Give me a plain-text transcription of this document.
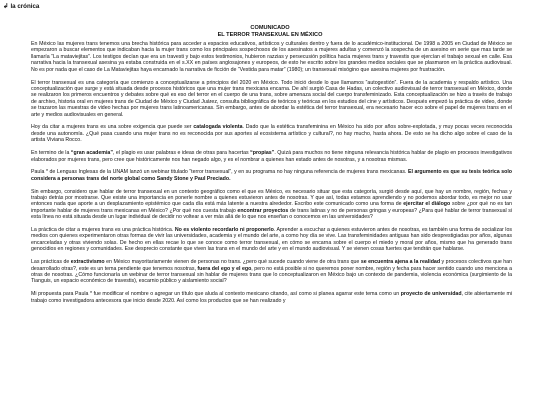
↲ la crónica
COMUNICADO
EL TERROR TRANSEXUAL EN MÉXICO

En México las mujeres trans tenemos una brecha histórica para acceder a espacios educativos, artísticos y culturales dentro y fuera de lo académico-institucional. De 1998 a 2005 en Ciudad de México se empezaron a buscar elementos que indicaban hacia la mujer trans como los principales sospechosos de los asesinatos a mujeres adultas y comenzó la sospecha de un asesino en serie que mas tarde se llamaría “La mataviejitas”. Los testigos decían que era un travesti y bajo estos testimonios, hubieron razzias y persecusión política hacia mujeres trans y travestis que ejercían el trabajo sexual en calle. Esa narrativa hacia la transexual asesina ya estaba construida en el s.XX en países anglosajones y europeos, de esto he escrito sobre los grandes medios sociales que se plasmaron en la práctica audiovisual. No es por nada que el caso de La Mataviejitas haya encarnado la narrativa de ficción de “Vestida para matar” (1980); un transexual misógino que asesina mujeres por frustración.

El terror transexual es una categoría que comienzo a conceptualizarse a principios del 2020 en México. Todo inició desde lo que llamamos “autogestión”. Fuera de la academia y respaldo artístico. Una conceptualización que surge y está situada desde procesos históricos que una mujer trans mexicana encarna. De ahí surgió Casa de Hadas, un colectivo audiovisual de terror transexual en México, donde se realizaron los primeros encuentros y debates sobre qué es eso del terror en el cuerpo de una trans, sobre amenaza social del cuerpo transfeminizado. Esta conceptualización se hizo a través de trabajo de archivo, historia oral en mujeres trans de Ciudad de México y Ciudad Juárez, consulta bibliográfica de teóricos y teóricas en los estudios del cine y artísticos. Después empezó la práctica de video, donde se trazaron las muestras de video hechas por mujeres trans latinoamericanas. Sin embargo, antes de abordar la estética del terror transexual, era necesario hacer eco sobre el papel de mujeres trans en el arte y medios audiovisuales en general.

Hoy da citar a mujeres trans es una sobre exigencia que puede ser catalogada violenta. Dado que la estética transfeminina en México ha sido por años sobre-explotada, y muy pocas veces reconocida desde una autonomía. ¿Qué pasa cuando una mujer trans no es reconocida por sus aportes al ecosistema artístico y cultural?, no hay mucho, hasta ahora. De esto se ha dicho algo sobre el caso de la artista Viviana Rocco.

En termino de la “gran academia”, el plagio es usar palabras e ideas de otras para hacertas “propias”. Quizá para muchos no tiene ninguna relevancia histórica hablar de plagio en procesos investigativos elaborados por mujeres trans, pero cree que históricamente nos han negado algo, y es el nombrar a quienes han estado antes de nosotras, y a nosotras mismas.

Paula * de Lenguas Inglesas de la UNAM lanzó un webinar titulado “terror transexual”, y en su programa no hay ninguna referencia de mujeres trans mexicanas. El argumento es que su tesis teórica solo considera a personas trans del norte global como Sandy Stone y Paul Preciado.

Sin embargo, considero que hablar de terror transexual en un contexto geográfico como el que es México, es necesario situar que esta categoría, surgió desde aquí, que hay un nombre, región, fechas y trabajo detrás por mostrarse. Que existe una importancia en ponerle nombre a quienes estuvieron antes de nosotras. Y que así, todas estamos aprendiendo y no podemos abordar todo, es mejor no usar entonces nada que aporte a un desplazamiento epistémico que cada día está más latente a nuestra alrededor. Escribo este comunicado como una forma de ejercitar el diálogo sobre ¿por qué no es tan importante hablar de mujeres trans mexicanas en México? ¿Por qué nos cuesta trabajo encontrar proyectos de trans latinas y no de personas gringas y europeas? ¿Para qué hablar de terror transexual si esta línea no está situada desde un lugar individual de decidir no voltear a ver más allá de lo que nos enseñan o conocemos en las universidades?

La práctica de citar a mujeres trans es una práctica histórica. No es violento recordarlo ni proponerlo. Aprender a escuchar a quienes estuvieron antes de nosotras, es también una forma de socializar los medios con quienes experimentaron otras formas de vivir las universidades, academia y el mundo del arte, a como hoy día se vive. Las transfeminidades antiguas han sido desprestigiadas por años, algunas encarceladas y otras viviendo solas. De hecho en ellas recae lo que se conoce como terror transexual, en cómo se encarna sobre el cuerpo el miedo y moral por años, mismo que ha generado trans genocidios en regiones y comunidades. Ese desprecio constante que viven las trans en el mundo del arte y en el mundo audiovisual. Y se vienen cosas fuertes que tendrán que hablarse.

Las prácticas de extractivismo en México mayoritariamente vienen de personas no trans. ¿pero qué sucede cuando viene de otra trans que se encuentra ajena a la realidad y procesos colectivos que han desarrollado otras?, este es un tema pendiente que tenemos nosotras, fuera del ego y el ego, pero no está posible si no queremos poner nombre, región y fecha para hacer sentido cuando uno menciona a otras de nosotras. ¿Cómo funcionaría un webinar de terror transexual sin hablar de mujeres trans que lo conceptualizaron en México bajo un contexto de pandemia, violencia económica (surgimiento de la Tianguis, un espacio económico de travestis), escarnio público y aislamiento social?

Mi propuesta para Paula * fue modificar el nombre o agregar un título que aluda al contexto mexicano citando, así como si planea agarrar este tema como un proyecto de universidad, cite abiertamente mi trabajo como investigadora antecesora que inicio desde 2020. Así como los productos que se han realizado y
